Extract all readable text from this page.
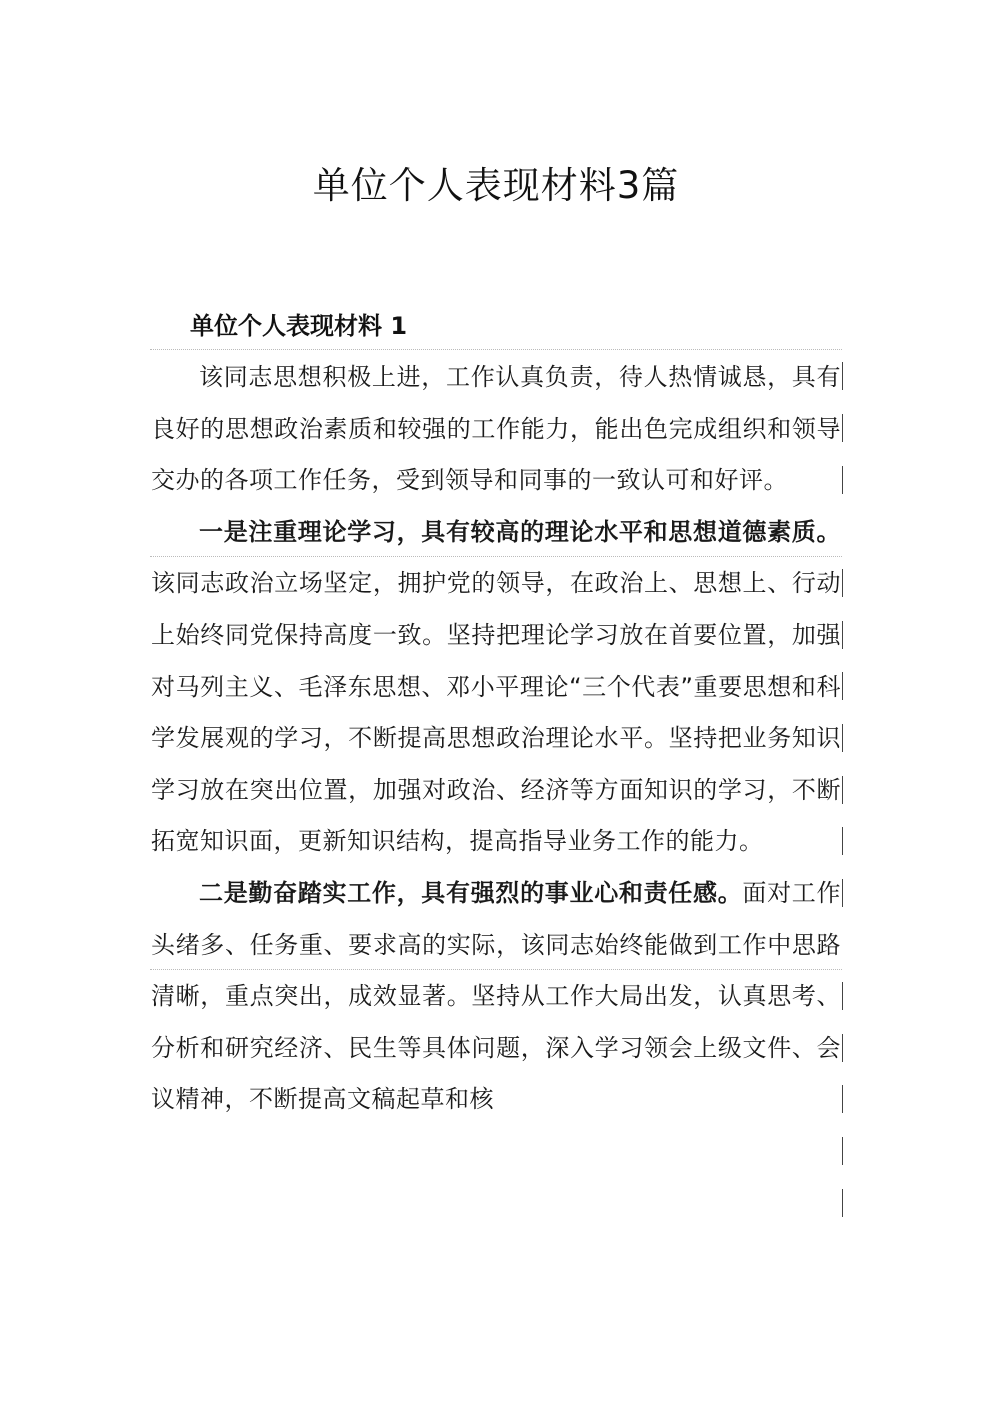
单位个人表现材料3篇
单位个人表现材料 1

该同志思想积极上进，工作认真负责，待人热情诚恳，具有良好的思想政治素质和较强的工作能力，能出色完成组织和领导交办的各项工作任务，受到领导和同事的一致认可和好评。

一是注重理论学习，具有较高的理论水平和思想道德素质。该同志政治立场坚定，拥护党的领导，在政治上、思想上、行动上始终同党保持高度一致。坚持把理论学习放在首要位置，加强对马列主义、毛泽东思想、邓小平理论“三个代表”重要思想和科学发展观的学习，不断提高思想政治理论水平。坚持把业务知识学习放在突出位置，加强对政治、经济等方面知识的学习，不断拓宽知识面，更新知识结构，提高指导业务工作的能力。

二是勤奋踏实工作，具有强烈的事业心和责任感。面对工作头绪多、任务重、要求高的实际，该同志始终能做到工作中思路清晰，重点突出，成效显著。坚持从工作大局出发，认真思考、分析和研究经济、民生等具体问题，深入学习领会上级文件、会议精神，不断提高文稿起草和核
